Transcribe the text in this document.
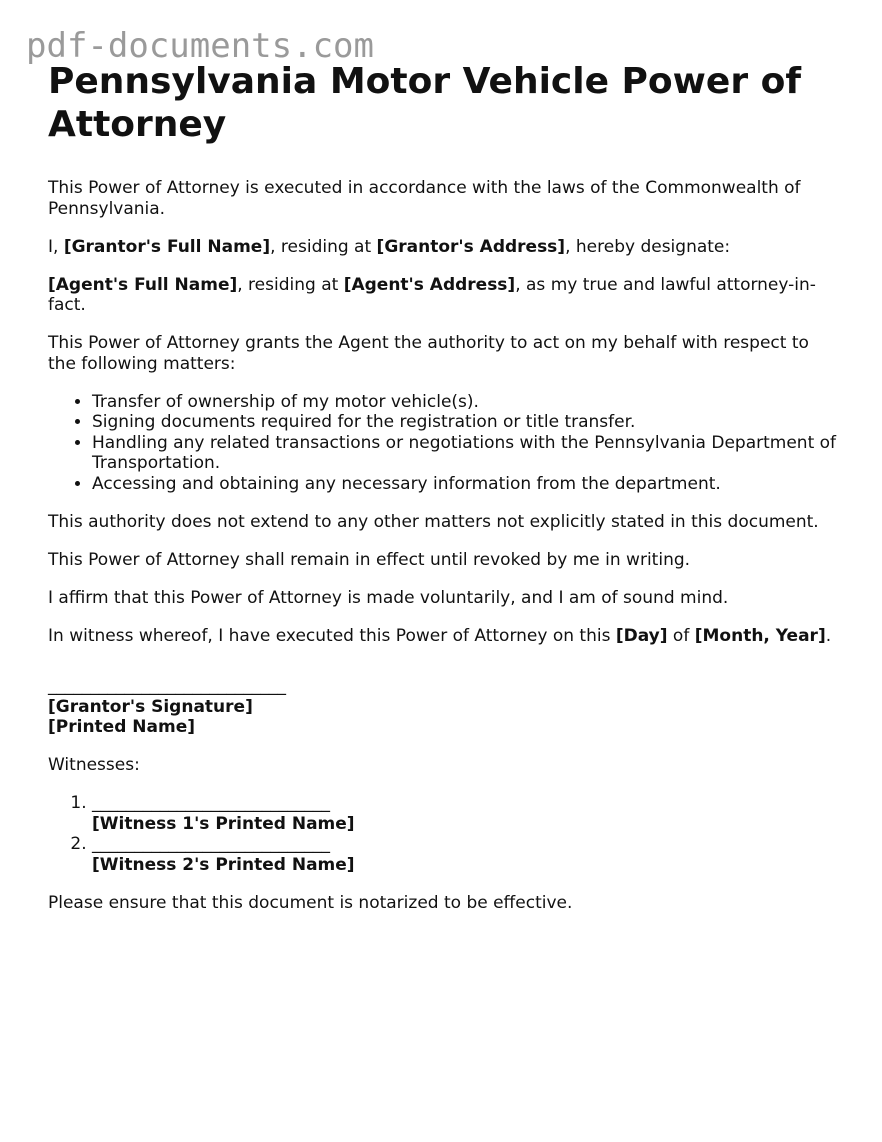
pdf-documents.com
Pennsylvania Motor Vehicle Power of Attorney

This Power of Attorney is executed in accordance with the laws of the Commonwealth of Pennsylvania.

I, [Grantor's Full Name], residing at [Grantor's Address], hereby designate:

[Agent's Full Name], residing at [Agent's Address], as my true and lawful attorney-in-fact.

This Power of Attorney grants the Agent the authority to act on my behalf with respect to the following matters:

• Transfer of ownership of my motor vehicle(s).
• Signing documents required for the registration or title transfer.
• Handling any related transactions or negotiations with the Pennsylvania Department of Transportation.
• Accessing and obtaining any necessary information from the department.

This authority does not extend to any other matters not explicitly stated in this document.

This Power of Attorney shall remain in effect until revoked by me in writing.

I affirm that this Power of Attorney is made voluntarily, and I am of sound mind.

In witness whereof, I have executed this Power of Attorney on this [Day] of [Month, Year].

____________________________
[Grantor's Signature]
[Printed Name]

Witnesses:

1. ____________________________
[Witness 1's Printed Name]
2. ____________________________
[Witness 2's Printed Name]

Please ensure that this document is notarized to be effective.
